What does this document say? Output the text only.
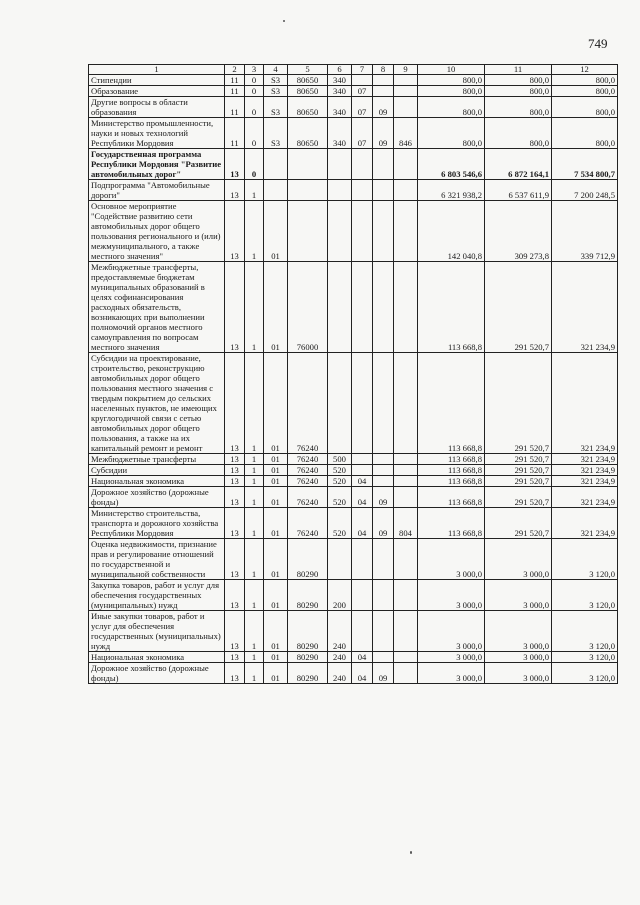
749
1	2	3	4	5	6	7	8	9	10	11	12
Стипендии	11	0	S3	80650	340				800,0	800,0	800,0
Образование	11	0	S3	80650	340	07			800,0	800,0	800,0
Другие вопросы в области образования	11	0	S3	80650	340	07	09		800,0	800,0	800,0
Министерство промышленности, науки и новых технологий Республики Мордовия	11	0	S3	80650	340	07	09	846	800,0	800,0	800,0
Государственная программа Республики Мордовия "Развитие автомобильных дорог"	13	0							6 803 546,6	6 872 164,1	7 534 800,7
Подпрограмма "Автомобильные дороги"	13	1							6 321 938,2	6 537 611,9	7 200 248,5
Основное мероприятие "Содействие развитию сети автомобильных дорог общего пользования регионального и (или) межмуниципального, а также местного значения"	13	1	01						142 040,8	309 273,8	339 712,9
Межбюджетные трансферты, предоставляемые бюджетам муниципальных образований в целях софинансирования расходных обязательств, возникающих при выполнении полномочий органов местного самоуправления по вопросам местного значения	13	1	01	76000					113 668,8	291 520,7	321 234,9
Субсидии на проектирование, строительство, реконструкцию автомобильных дорог общего пользования местного значения с твердым покрытием до сельских населенных пунктов, не имеющих круглогодичной связи с сетью автомобильных дорог общего пользования, а также на их капитальный ремонт и ремонт	13	1	01	76240					113 668,8	291 520,7	321 234,9
Межбюджетные трансферты	13	1	01	76240	500				113 668,8	291 520,7	321 234,9
Субсидии	13	1	01	76240	520				113 668,8	291 520,7	321 234,9
Национальная экономика	13	1	01	76240	520	04			113 668,8	291 520,7	321 234,9
Дорожное хозяйство (дорожные фонды)	13	1	01	76240	520	04	09		113 668,8	291 520,7	321 234,9
Министерство строительства, транспорта и дорожного хозяйства Республики Мордовия	13	1	01	76240	520	04	09	804	113 668,8	291 520,7	321 234,9
Оценка недвижимости, признание прав и регулирование отношений по государственной и муниципальной собственности	13	1	01	80290					3 000,0	3 000,0	3 120,0
Закупка товаров, работ и услуг для обеспечения государственных (муниципальных) нужд	13	1	01	80290	200				3 000,0	3 000,0	3 120,0
Иные закупки товаров, работ и услуг для обеспечения государственных (муниципальных) нужд	13	1	01	80290	240				3 000,0	3 000,0	3 120,0
Национальная экономика	13	1	01	80290	240	04			3 000,0	3 000,0	3 120,0
Дорожное хозяйство (дорожные фонды)	13	1	01	80290	240	04	09		3 000,0	3 000,0	3 120,0
